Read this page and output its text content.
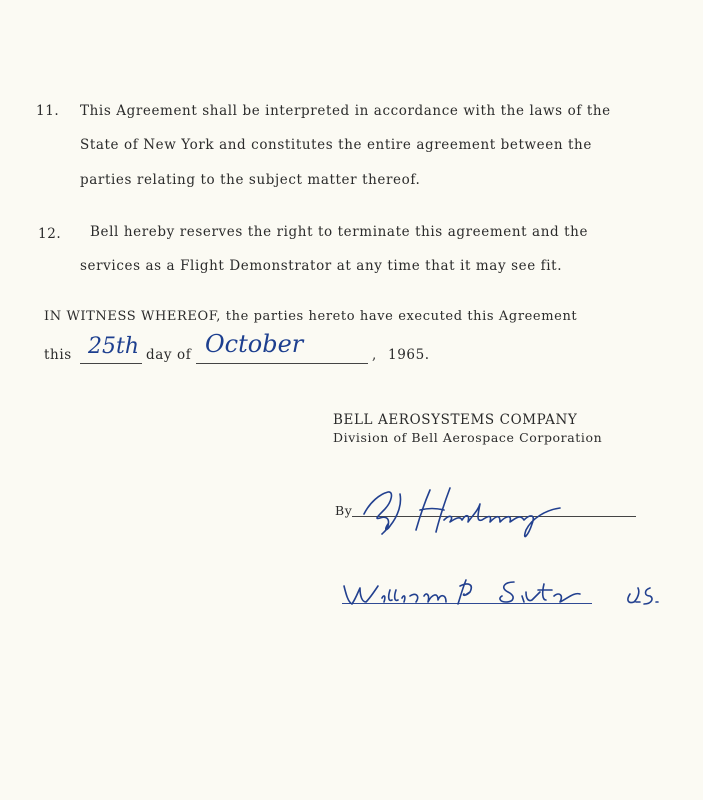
11. This Agreement shall be interpreted in accordance with the laws of the
State of New York and constitutes the entire agreement between the
parties relating to the subject matter thereof.
12. Bell hereby reserves the right to terminate this agreement and the
services as a Flight Demonstrator at any time that it may see fit.
IN WITNESS WHEREOF, the parties hereto have executed this Agreement
this 25th day of October	, 1965.
BELL AEROSYSTEMS COMPANY
Division of Bell Aerospace Corporation
By
